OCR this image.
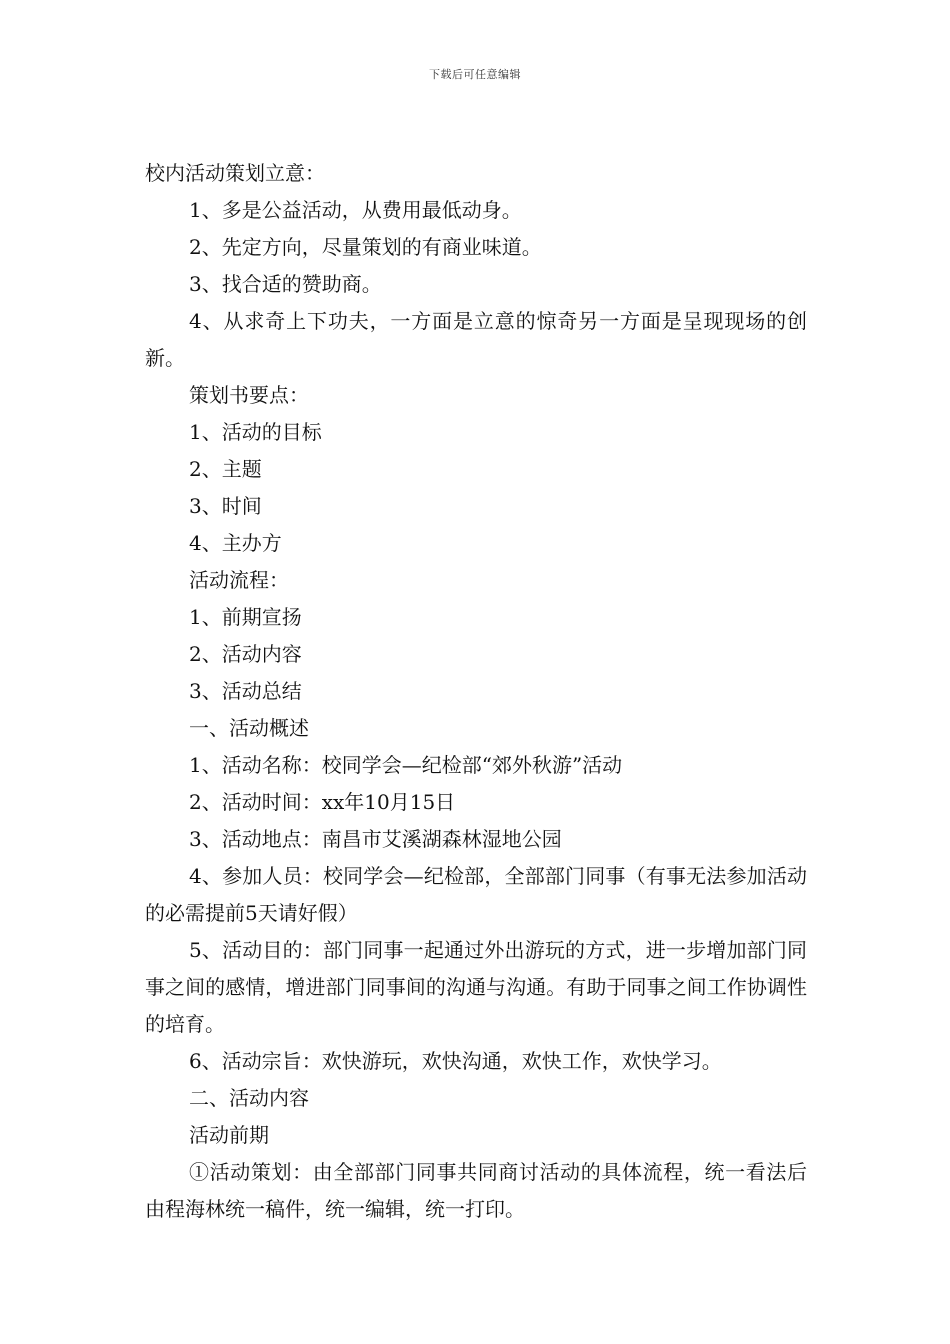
下载后可任意编辑

校内活动策划立意：

1、多是公益活动，从费用最低动身。

2、先定方向，尽量策划的有商业味道。

3、找合适的赞助商。

4、从求奇上下功夫，一方面是立意的惊奇另一方面是呈现现场的创新。

策划书要点：

1、活动的目标

2、主题

3、时间

4、主办方

活动流程：

1、前期宣扬

2、活动内容

3、活动总结

一、活动概述

1、活动名称：校同学会—纪检部“郊外秋游”活动

2、活动时间：xx年10月15日

3、活动地点：南昌市艾溪湖森林湿地公园

4、参加人员：校同学会—纪检部，全部部门同事（有事无法参加活动的必需提前5天请好假）

5、活动目的：部门同事一起通过外出游玩的方式，进一步增加部门同事之间的感情，增进部门同事间的沟通与沟通。有助于同事之间工作协调性的培育。

6、活动宗旨：欢快游玩，欢快沟通，欢快工作，欢快学习。

二、活动内容

活动前期

①活动策划：由全部部门同事共同商讨活动的具体流程，统一看法后由程海林统一稿件，统一编辑，统一打印。
